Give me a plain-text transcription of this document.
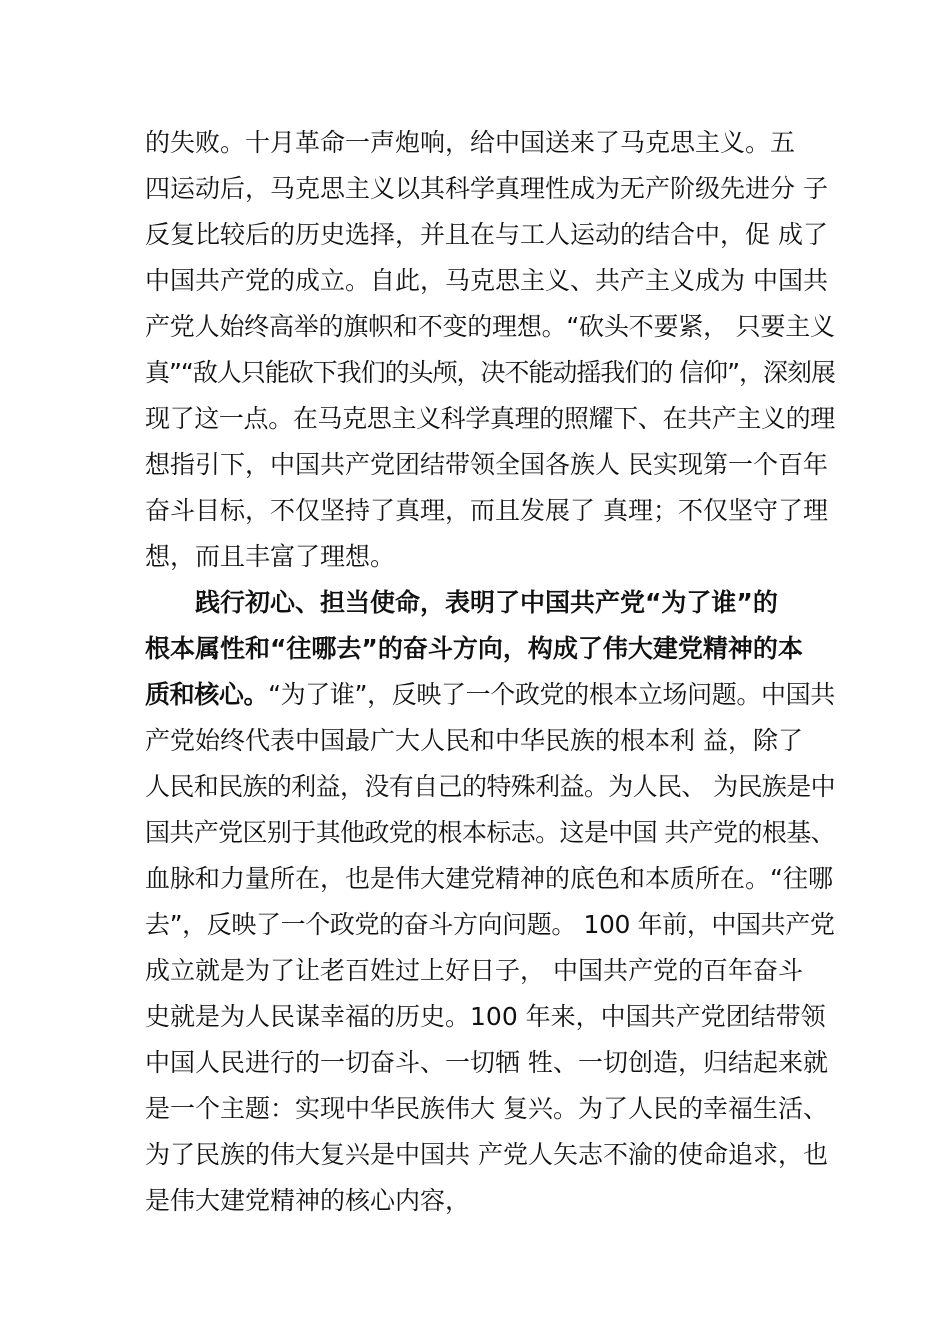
的失败。十月革命一声炮响，给中国送来了马克思主义。五
四运动后，马克思主义以其科学真理性成为无产阶级先进分 子
反复比较后的历史选择，并且在与工人运动的结合中，促 成了
中国共产党的成立。自此，马克思主义、共产主义成为 中国共
产党人始终高举的旗帜和不变的理想。“砍头不要紧， 只要主义
真”“敌人只能砍下我们的头颅，决不能动摇我们的 信仰”，深刻展
现了这一点。在马克思主义科学真理的照耀下、在共产主义的理
想指引下，中国共产党团结带领全国各族人 民实现第一个百年
奋斗目标，不仅坚持了真理，而且发展了 真理；不仅坚守了理
想，而且丰富了理想。
践行初心、担当使命，表明了中国共产党“为了谁”的
根本属性和“往哪去”的奋斗方向，构成了伟大建党精神的本
质和核心。“为了谁”，反映了一个政党的根本立场问题。中国共
产党始终代表中国最广大人民和中华民族的根本利 益，除了
人民和民族的利益，没有自己的特殊利益。为人民、 为民族是中
国共产党区别于其他政党的根本标志。这是中国 共产党的根基、
血脉和力量所在，也是伟大建党精神的底色和本质所在。“往哪
去”，反映了一个政党的奋斗方向问题。 100 年前，中国共产党
成立就是为了让老百姓过上好日子， 中国共产党的百年奋斗
史就是为人民谋幸福的历史。100 年来，中国共产党团结带领
中国人民进行的一切奋斗、一切牺 牲、一切创造，归结起来就
是一个主题：实现中华民族伟大 复兴。为了人民的幸福生活、
为了民族的伟大复兴是中国共 产党人矢志不渝的使命追求，也
是伟大建党精神的核心内容，
